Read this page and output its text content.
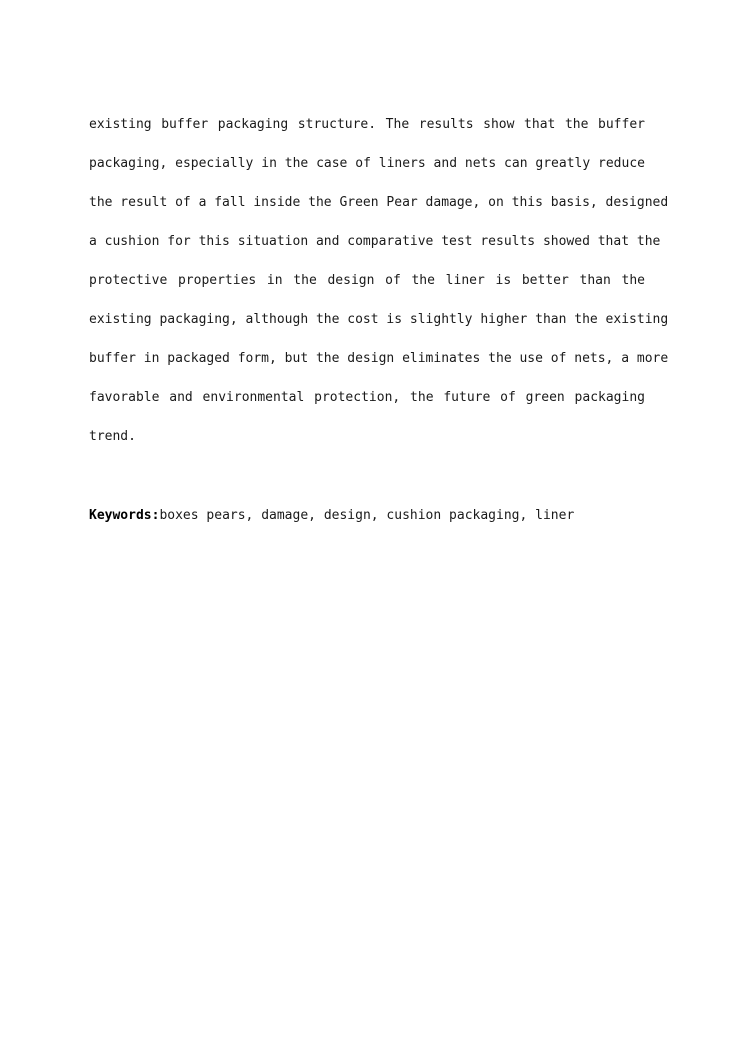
existing buffer packaging structure. The results show that the buffer
packaging, especially in the case of liners and nets can greatly reduce
the result of a fall inside the Green Pear damage, on this basis, designed
a cushion for this situation and comparative test results showed that the
protective properties in the design of the liner is better than the
existing packaging, although the cost is slightly higher than the existing
buffer in packaged form, but the design eliminates the use of nets, a more
favorable and environmental protection, the future of green packaging
trend.
Keywords:boxes pears, damage, design, cushion packaging, liner
